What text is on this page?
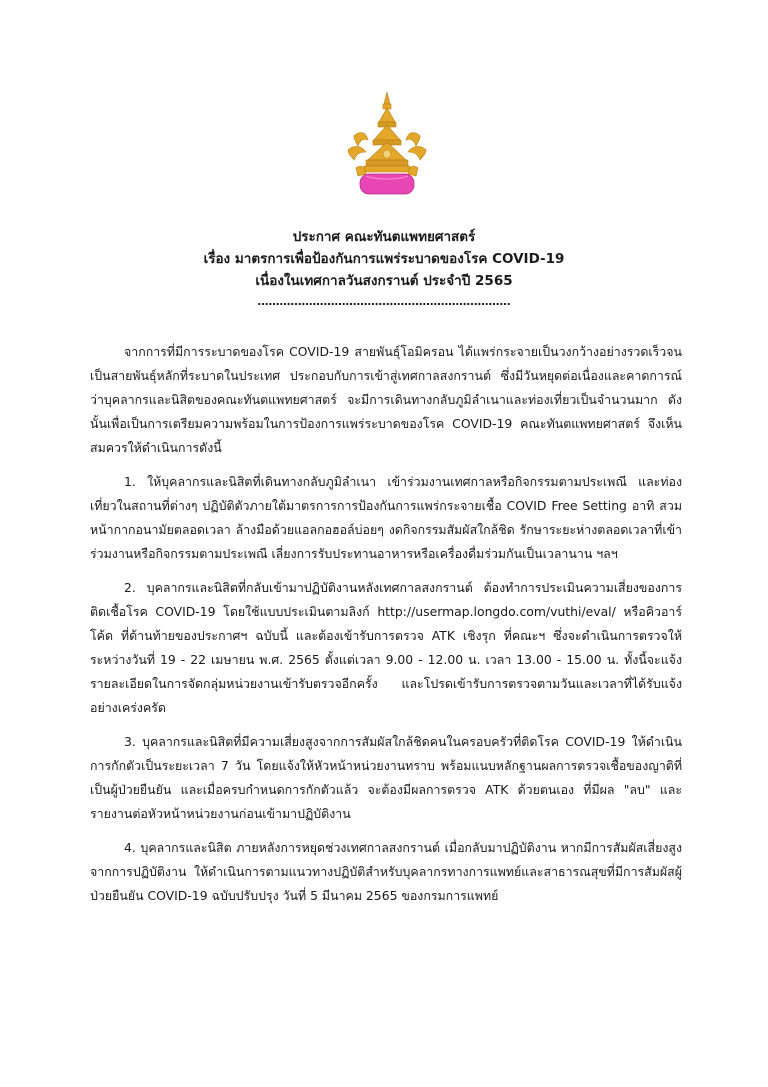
ประกาศ คณะทันตแพทยศาสตร์
เรื่อง มาตรการเพื่อป้องกันการแพร่ระบาดของโรค COVID-19
เนื่องในเทศกาลวันสงกรานต์ ประจำปี 2565
……………………………………………………………

จากการที่มีการระบาดของโรค COVID-19 สายพันธุ์โอมิครอน ได้แพร่กระจายเป็นวงกว้างอย่างรวดเร็วจนเป็นสายพันธุ์หลักที่ระบาดในประเทศ ประกอบกับการเข้าสู่เทศกาลสงกรานต์ ซึ่งมีวันหยุดต่อเนื่องและคาดการณ์ว่าบุคลากรและนิสิตของคณะทันตแพทยศาสตร์ จะมีการเดินทางกลับภูมิลำเนาและท่องเที่ยวเป็นจำนวนมาก ดังนั้นเพื่อเป็นการเตรียมความพร้อมในการป้องการแพร่ระบาดของโรค COVID-19 คณะทันตแพทยศาสตร์ จึงเห็นสมควรให้ดำเนินการดังนี้

1. ให้บุคลากรและนิสิตที่เดินทางกลับภูมิลำเนา เข้าร่วมงานเทศกาลหรือกิจกรรมตามประเพณี และท่องเที่ยวในสถานที่ต่างๆ ปฏิบัติตัวภายใต้มาตรการการป้องกันการแพร่กระจายเชื้อ COVID Free Setting อาทิ สวมหน้ากากอนามัยตลอดเวลา ล้างมือด้วยแอลกอฮอล์บ่อยๆ งดกิจกรรมสัมผัสใกล้ชิด รักษาระยะห่างตลอดเวลาที่เข้าร่วมงานหรือกิจกรรมตามประเพณี เลี่ยงการรับประทานอาหารหรือเครื่องดื่มร่วมกันเป็นเวลานาน ฯลฯ

2. บุคลากรและนิสิตที่กลับเข้ามาปฏิบัติงานหลังเทศกาลสงกรานต์ ต้องทำการประเมินความเสี่ยงของการติดเชื้อโรค COVID-19 โดยใช้แบบประเมินตามลิงก์ http://usermap.longdo.com/vuthi/eval/ หรือคิวอาร์โค้ด ที่ด้านท้ายของประกาศฯ ฉบับนี้ และต้องเข้ารับการตรวจ ATK เชิงรุก ที่คณะฯ ซึ่งจะดำเนินการตรวจให้ระหว่างวันที่ 19 - 22 เมษายน พ.ศ. 2565 ตั้งแต่เวลา 9.00 - 12.00 น. เวลา 13.00 - 15.00 น. ทั้งนี้จะแจ้งรายละเอียดในการจัดกลุ่มหน่วยงานเข้ารับตรวจอีกครั้ง และโปรดเข้ารับการตรวจตามวันและเวลาที่ได้รับแจ้งอย่างเคร่งครัด

3. บุคลากรและนิสิตที่มีความเสี่ยงสูงจากการสัมผัสใกล้ชิดคนในครอบครัวที่ติดโรค COVID-19 ให้ดำเนินการกักตัวเป็นระยะเวลา 7 วัน โดยแจ้งให้หัวหน้าหน่วยงานทราบ พร้อมแนบหลักฐานผลการตรวจเชื้อของญาติที่เป็นผู้ป่วยยืนยัน และเมื่อครบกำหนดการกักตัวแล้ว จะต้องมีผลการตรวจ ATK ด้วยตนเอง ที่มีผล "ลบ" และรายงานต่อหัวหน้าหน่วยงานก่อนเข้ามาปฏิบัติงาน

4. บุคลากรและนิสิต ภายหลังการหยุดช่วงเทศกาลสงกรานต์ เมื่อกลับมาปฏิบัติงาน หากมีการสัมผัสเสี่ยงสูงจากการปฏิบัติงาน ให้ดำเนินการตามแนวทางปฏิบัติสำหรับบุคลากรทางการแพทย์และสาธารณสุขที่มีการสัมผัสผู้ป่วยยืนยัน COVID-19 ฉบับปรับปรุง วันที่ 5 มีนาคม 2565 ของกรมการแพทย์
